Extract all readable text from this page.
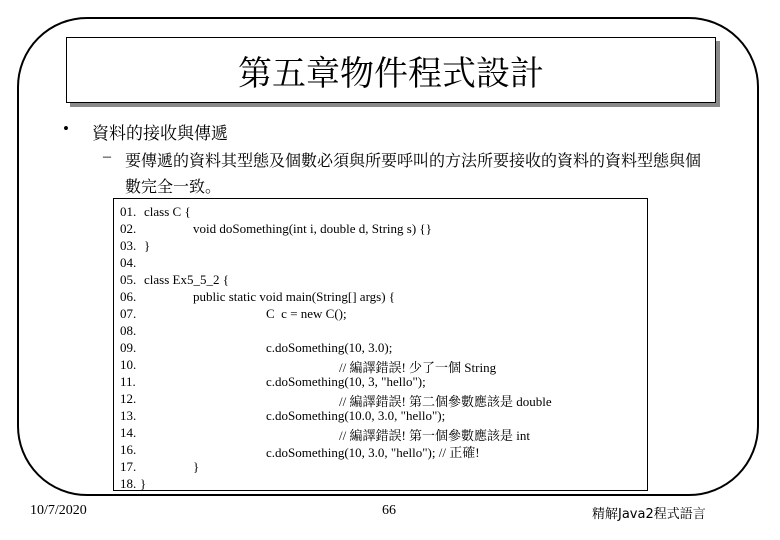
第五章物件程式設計
• 資料的接收與傳遞
– 要傳遞的資料其型態及個數必須與所要呼叫的方法所要接收的資料的資料型態與個數完全一致。
01. class C {
02.	void doSomething(int i, double d, String s) {}
03. }
04.
05. class Ex5_5_2 {
06.	public static void main(String[] args) {
07.	C  c = new C();
08.
09.	c.doSomething(10, 3.0);
10.	// 編譯錯誤! 少了一個 String
11.	c.doSomething(10, 3, "hello");
12.	// 編譯錯誤! 第二個參數應該是 double
13.	c.doSomething(10.0, 3.0, "hello");
14.	// 編譯錯誤! 第一個參數應該是 int
16.	c.doSomething(10, 3.0, "hello"); // 正確!
17.	}
18. }
10/7/2020	66	精解Java2程式語言
